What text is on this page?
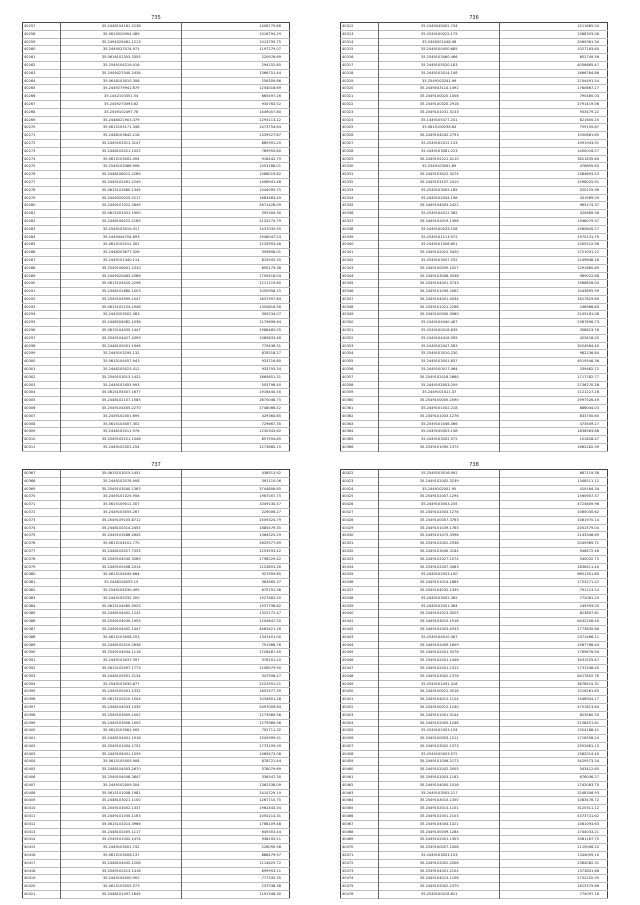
735
40257	35.2448104181.2238	1408779.86
40258	35.0615020904.489	1016794.29
40259	35.2494025461.1213	1013795.75
40260	35.2449027074.971	1197279.07
40261	35.0616102353.3355	220976.69
40262	35.2549104219.416	294152.65
40263	35.2449027040.2436	1366751.44
40264	35.0616103010.308	256359.86
40265	35.2449279941.679	1254016.69
40266	35.1442103351.54	665497.26
40267	35.2449270093.62	930763.52
40268	35.2549102497.78	1449057.80
40269	35.2448021903.379	1293113.22
40270	35.0615105171.348	1473754.64
40271	35.2448103642.218	1339527.67
40272	35.2449203311.3147	889391.20
40273	35.2448102021.1025	789955.80
40274	35.0615103002.494	918442.79
40275	35.2549103486.908	1053168.01
40276	35.2448106012.2289	1088019.62
40277	35.2449102491.2249	1408941.48
40278	35.0615103480.1345	1044095.75
40279	35.2449020025.5217	1683463.49
40280	35.2449107022.2849	2671428.09
40281	35.0615201431.1950	592309.30
40282	35.2448106222.2189	2124274.79
40283	35.2549103019.417	1437035.95
40284	35.2449044704.693	1948047.24
40285	35.0615102012.302	1225953.46
40286	35.2448203677.326	359608.01
40287	35.2449101440.114	815943.35
40288	35.2549106001.2310	650179.38
40289	35.2449020463.2586	1709416.04
40290	35.0615104420.2296	1211119.60
40291	35.2448101880.1003	1050958.15
40292	35.2549104999.1047	1637997.84
40293	35.0615102154.1948	1350816.56
40294	35.2449203002.363	300234.07
40295	35.2448204082.1036	1179696.64
40296	35.0615104455.1447	1968465.05
40297	35.2549104427.4399	1089633.46
40298	35.2448105001.1946	779436.31
40299	35.2449103295.132	878318.27
40300	35.0615104057.943	933716.80
40301	35.2448105023.412	933793.34
40302	35.2549103013.1432	1665651.31
40303	35.2449102455.993	503798.40
40304	35.0615104407.1677	1916440.50
40305	35.2448102107.1585	2670046.75
40306	35.2549104405.2270	2748066.52
40307	35.2449102001.695	429364.65
40308	35.0615103007.302	729667.35
40309	35.2448102011.976	1230343.62
40310	35.2549105221.1046	857594.85
40311	35.2449102001.254	1273660.15
736
40312	35.2449040002.734	1511665.04
40313	35.2549100022.175	1368393.06
40314	35.2449201048.98	2069361.34
40315	35.2449100450.685	1027183.65
40316	35.2549103460.466	652749.56
40317	35.2449105520.183	4056665.47
40318	35.2449103014.108	1666784.86
40319	35.2549103241.99	2744491.54
40320	35.2449043114.1492	1760667.27
40321	35.2449100020.1008	790485.03
40322	35.2549100320.2918	2791419.06
40323	35.2449101031.3133	933479.22
40324	35.1449105477.241	621650.20
40325	35.0615100298.84	759155.67
40326	35.2449104042.2793	1050681.65
40327	35.2549102012.133	1091943.91
40328	35.2449103081.223	1400016.27
40329	35.2449105221.4110	3821635.64
40330	35.2549103091.89	478895.63
40331	35.2449103422.3274	1384693.53
40332	35.2449103107.2410	1598025.91
40333	35.2549103005.185	520125.98
40334	35.2449102004.198	431989.09
40335	35.2449104003.2422	965274.37
40336	35.2549104012.362	520685.58
40337	35.2449102019.1396	1948079.37
40338	35.2449100033.158	1560845.27
40339	35.2549101113.972	1970131.79
40340	35.2449101008.801	1005212.96
40341	35.2449102012.3420	1721091.22
40342	35.2549103007.532	1249646.28
40343	35.2449100059.1027	1291660.69
40344	35.2449103006.3036	989022.68
40345	35.2549104001.3743	1966826.04
40346	35.2449101090.2062	1043695.99
40347	35.2449104001.4034	1617629.89
40348	35.2549101021.2268	248968.85
40349	35.2449100000.3960	2105161.08
40350	35.2449104040.467	2387696.73
40351	35.2549100018.635	358623.76
40352	35.2449104418.395	423418.25
40353	35.2449102047.583	3024564.40
40354	35.2549103010.230	982236.84
40355	35.2449103001.837	4919546.36
40356	35.2449100017.464	339462.72
40357	35.2549102018.2660	1717782.77
40358	35.2449102003.259	2736270.28
40359	35.2449101011.37	1121227.28
40360	35.2549100005.2090	2997526.49
40361	35.2449101002.218	886044.03
40362	35.2449101003.1276	833700.60
40363	35.2549101046.366	473509.27
40364	35.2449100003.138	1836563.88
40365	35.2449103002.972	101828.47
40366	35.2549101090.1375	1662262.39
737
40367	35.0615103015.1451	436513.92
40368	35.2449102078.908	392110.06
40369	35.2549103040.1363	3744806.85
40370	35.2449101025.958	1967007.75
40371	35.0615109011.307	1049130.47
40372	35.2449103055.267	229006.27
40373	35.2549109105.8712	2509324.79
40374	35.2448102014.2455	1885479.35
40375	35.2449103286.2645	1364325.29
40376	35.0615104101.770	2629377.89
40377	35.2448105027.7333	1253593.42
40378	35.2549104030.3569	1796229.42
40379	35.2449105008.2414	1123853.26
40380	35.0615104045.664	927959.85
40381	35.2448104055.15	363465.37
40382	35.2549104030.495	670791.36
40383	35.2449105332.300	1527463.20
40384	35.0615104060.5925	1537796.62
40385	35.2448104002.1232	1325772.47
40386	35.2549104030.1955	1204647.50
40387	35.2449104002.1447	4483421.16
40388	35.0615103008.253	1347401.00
40389	35.2448102010.2636	751368.76
40390	35.2549104004.1118	1726487.40
40391	35.2449103037.397	376101.20
40392	35.0615102097.1773	1108979.90
40393	35.2448105001.2134	347598.47
40394	35.2549103030.877	2223391.21
40395	35.2449105001.1332	1851977.39
40396	35.0615102010.1504	1034601.28
40397	35.2448104033.1035	5497009.84
40398	35.2549103009.1002	1273989.56
40399	35.2449103006.1005	1279989.96
40400	35.0615103061.905	702711.32
40401	35.2448104401.1916	1545999.51
40402	35.2549101004.1752	1773199.09
40403	35.2449104001.1539	1469473.08
40404	35.0615105005.908	878721.44
40405	35.2448104003.2670	578079.69
40406	35.2549104008.3847	336547.30
40407	35.2449102009.304	1362338.09
40408	35.0615101008.1981	2410729.19
40409	35.2448103021.1100	1267710.75
40410	35.2549103002.1337	1962443.34
40411	35.2449101030.1163	2050214.31
40412	35.0615102013.3966	1768109.48
40413	35.2448102005.1117	649303.44
40414	35.2549101002.1474	938105.21
40415	35.2449103001.742	228090.58
40416	35.0615103006.137	888479.97
40417	35.2448104005.1208	1114425.72
40418	35.2549102013.1418	699953.11
40419	35.2449104000.902	777335.35
40420	35.0615103005.573	237538.38
40421	35.2448101097.1645	1191346.30
738
40422	35.2549103016.992	687119.38
40423	35.2449102002.3239	1348511.12
40424	35.2449102001.95	419164.34
40425	35.2549102007.1294	1560957.37
40426	35.2449103003.245	4724609.96
40427	35.2449102003.1278	1065030.62
40428	35.2549100007.3763	1061970.14
40429	35.2449101039.1765	2051579.04
40430	35.2449101075.3396	2143346.69
40431	35.2549102002.2938	2045989.71
40432	35.2449103040.3184	946472.46
40433	35.2449102027.1074	540032.75
40434	35.2549102007.3083	1836411.40
40435	35.2449102003.100	6651301.80
40436	35.2449101014.1884	1723271.22
40437	35.2549104032.1345	791113.14
40438	35.2449103002.362	772081.25
40439	35.2449102001.364	249393.05
40440	35.2549102013.3025	623807.81
40441	35.2449103010.1916	6432206.40
40442	35.2449102003.4533	1773835.68
40443	35.2549104010.367	2371486.21
40444	35.2449102009.1609	1567786.44
40445	35.2449102001.3576	1769676.94
40446	35.2549102001.1446	3431525.47
40447	35.2449102001.1312	1731548.40
40448	35.2449103002.1376	6417852.76
40449	35.2549101091.318	3678515.31
40450	35.2449100021.3016	1016261.63
40451	35.2449104012.1124	1448944.17
40452	35.2549100012.1240	4751613.64
40453	35.2449101001.3144	623580.33
40454	35.2449102005.1248	2158451.61
40455	35.2549102003.134	1524188.41
40456	35.2449100003.1211	1716358.24
40457	35.2449103002.1373	2552681.13
40458	35.2549100003.572	1582014.40
40459	35.2449101006.2173	3429573.34
40460	35.2449102002.3005	543412.65
40461	35.2549102003.1182	676036.27
40462	35.2449104000.1016	1742083.70
40463	35.2449103005.217	3248306.93
40464	35.2549103010.1350	1083478.72
40465	35.2449102014.1101	3120311.12
40466	35.2449102001.2103	4373731.62
40467	35.2549104004.1321	1081093.63
40468	35.2449100009.1284	1744033.21
40469	35.2449102001.1303	3381167.75
40470	35.2549100057.1008	1119006.22
40471	35.2449103003.153	1344009.10
40472	35.2449102002.2006	2364082.31
40473	35.2549104001.2104	1373841.68
40474	35.2449104013.1106	2752252.95
40475	35.2449102002.2379	1613379.66
40476	35.2549100018.621	774097.16
